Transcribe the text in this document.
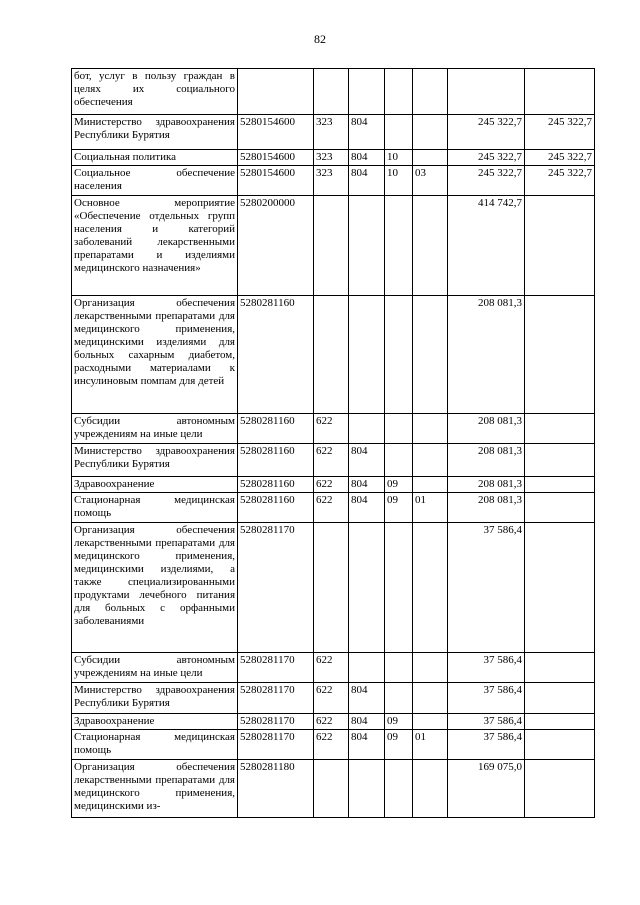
82
бот, услуг в пользу граждан в целях их социального обеспечения							
Министерство здравоохранения Республики Бурятия	5280154600	323	804			245 322,7	245 322,7
Социальная политика	5280154600	323	804	10		245 322,7	245 322,7
Социальное обеспечение населения	5280154600	323	804	10	03	245 322,7	245 322,7
Основное мероприятие «Обеспечение отдельных групп населения и категорий заболеваний лекарственными препаратами и изделиями медицинского назначения»	5280200000					414 742,7	
Организация обеспечения лекарственными препаратами для медицинского применения, медицинскими изделиями для больных сахарным диабетом, расходными материалами к инсулиновым помпам для детей	5280281160					208 081,3	
Субсидии автономным учреждениям на иные цели	5280281160	622				208 081,3	
Министерство здравоохранения Республики Бурятия	5280281160	622	804			208 081,3	
Здравоохранение	5280281160	622	804	09		208 081,3	
Стационарная медицинская помощь	5280281160	622	804	09	01	208 081,3	
Организация обеспечения лекарственными препаратами для медицинского применения, медицинскими изделиями, а также специализированными продуктами лечебного питания для больных с орфанными заболеваниями	5280281170					37 586,4	
Субсидии автономным учреждениям на иные цели	5280281170	622				37 586,4	
Министерство здравоохранения Республики Бурятия	5280281170	622	804			37 586,4	
Здравоохранение	5280281170	622	804	09		37 586,4	
Стационарная медицинская помощь	5280281170	622	804	09	01	37 586,4	
Организация обеспечения лекарственными препаратами для медицинского применения, медицинскими из-	5280281180					169 075,0	
